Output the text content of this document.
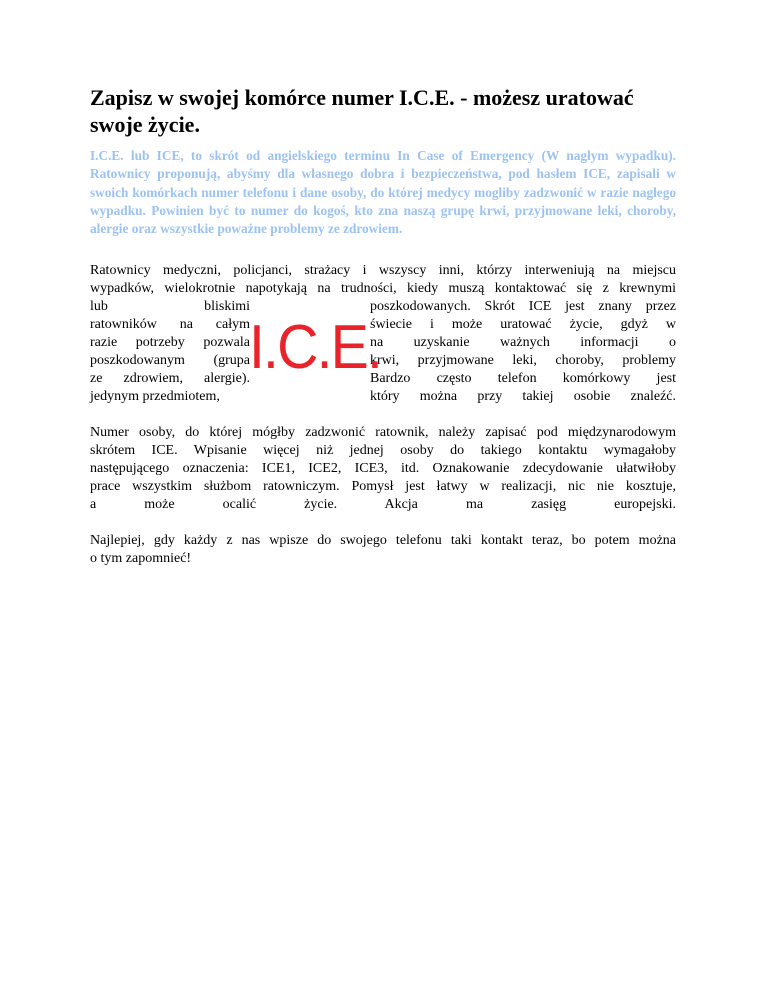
Zapisz w swojej komórce numer I.C.E. - możesz uratować swoje życie.

I.C.E. lub ICE, to skrót od angielskiego terminu In Case of Emergency (W nagłym wypadku). Ratownicy proponują, abyśmy dla własnego dobra i bezpieczeństwa, pod hasłem ICE, zapisali w swoich komórkach numer telefonu i dane osoby, do której medycy mogliby zadzwonić w razie nagłego wypadku. Powinien być to numer do kogoś, kto zna naszą grupę krwi, przyjmowane leki, choroby, alergie oraz wszystkie poważne problemy ze zdrowiem.

Ratownicy medyczni, policjanci, strażacy i wszyscy inni, którzy interweniują na miejscu
wypadków, wielokrotnie napotykają na trudności, kiedy muszą kontaktować się z krewnymi
lub bliskimi
ratowników na całym
razie potrzeby pozwala
poszkodowanym (grupa
ze zdrowiem, alergie).
jedynym przedmiotem,
poszkodowanych. Skrót ICE jest znany przez
świecie i może uratować życie, gdyż w
na uzyskanie ważnych informacji o
krwi, przyjmowane leki, choroby, problemy
Bardzo często telefon komórkowy jest
który można przy takiej osobie znaleźć.
I.C.E.
Numer osoby, do której mógłby zadzwonić ratownik, należy zapisać pod międzynarodowym
skrótem ICE. Wpisanie więcej niż jednej osoby do takiego kontaktu wymagałoby
następującego oznaczenia: ICE1, ICE2, ICE3, itd. Oznakowanie zdecydowanie ułatwiłoby
prace wszystkim służbom ratowniczym. Pomysł jest łatwy w realizacji, nic nie kosztuje,
a może ocalić życie. Akcja ma zasięg europejski.
Najlepiej, gdy każdy z nas wpisze do swojego telefonu taki kontakt teraz, bo potem można
o tym zapomnieć!
